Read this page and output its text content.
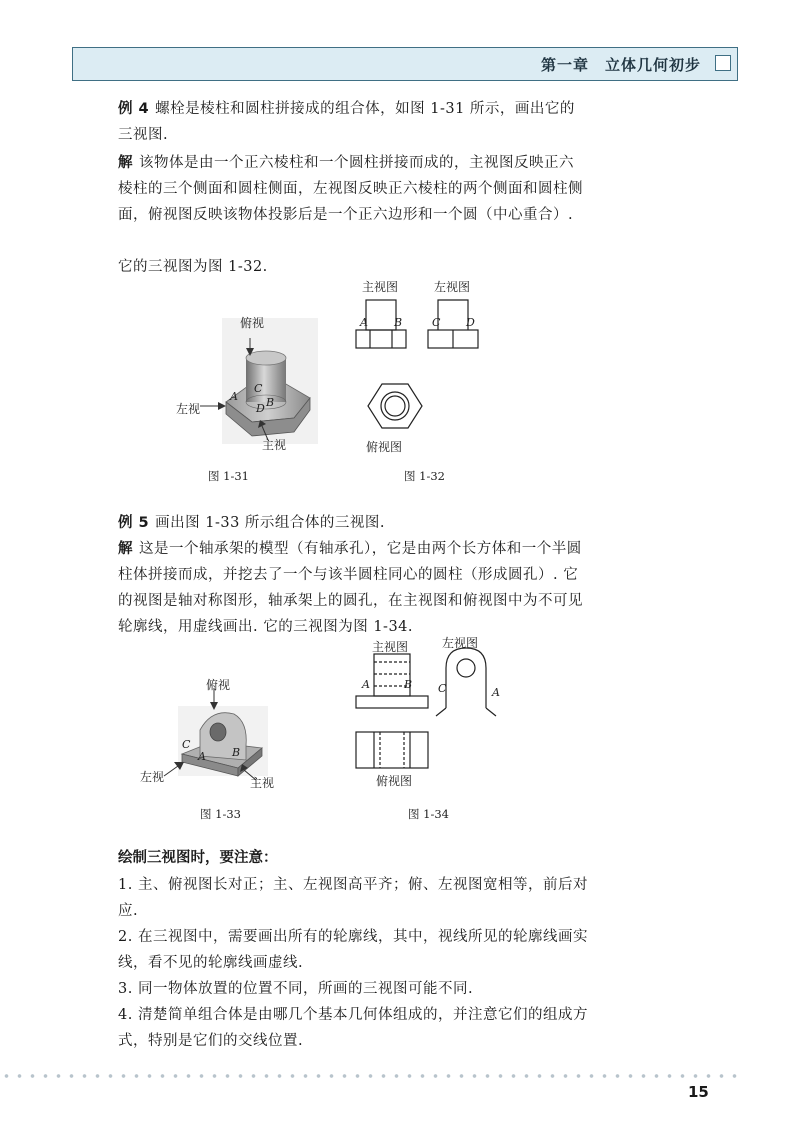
第一章　立体几何初步

例 4 螺栓是棱柱和圆柱拼接成的组合体，如图 1-31 所示，画出它的三视图.

解 该物体是由一个正六棱柱和一个圆柱拼接而成的，主视图反映正六棱柱的三个侧面和圆柱侧面，左视图反映正六棱柱的两个侧面和圆柱侧面，俯视图反映该物体投影后是一个正六边形和一个圆（中心重合）.

它的三视图为图 1-32.

俯视
左视
主视
A	B
C
D
图 1-31
主视图	左视图
俯视图
A B	C D
图 1-32

例 5 画出图 1-33 所示组合体的三视图.

解 这是一个轴承架的模型（有轴承孔），它是由两个长方体和一个半圆柱体拼接而成，并挖去了一个与该半圆柱同心的圆柱（形成圆孔）. 它的视图是轴对称图形，轴承架上的圆孔，在主视图和俯视图中为不可见轮廓线，用虚线画出. 它的三视图为图 1-34.

俯视
左视	主视
C
A B
图 1-33
主视图	左视图
俯视图
A	B C	A
图 1-34

绘制三视图时，要注意：

1. 主、俯视图长对正；主、左视图高平齐；俯、左视图宽相等，前后对应.

2. 在三视图中，需要画出所有的轮廓线，其中，视线所见的轮廓线画实线，看不见的轮廓线画虚线.

3. 同一物体放置的位置不同，所画的三视图可能不同.

4. 清楚简单组合体是由哪几个基本几何体组成的，并注意它们的组成方式，特别是它们的交线位置.

15
